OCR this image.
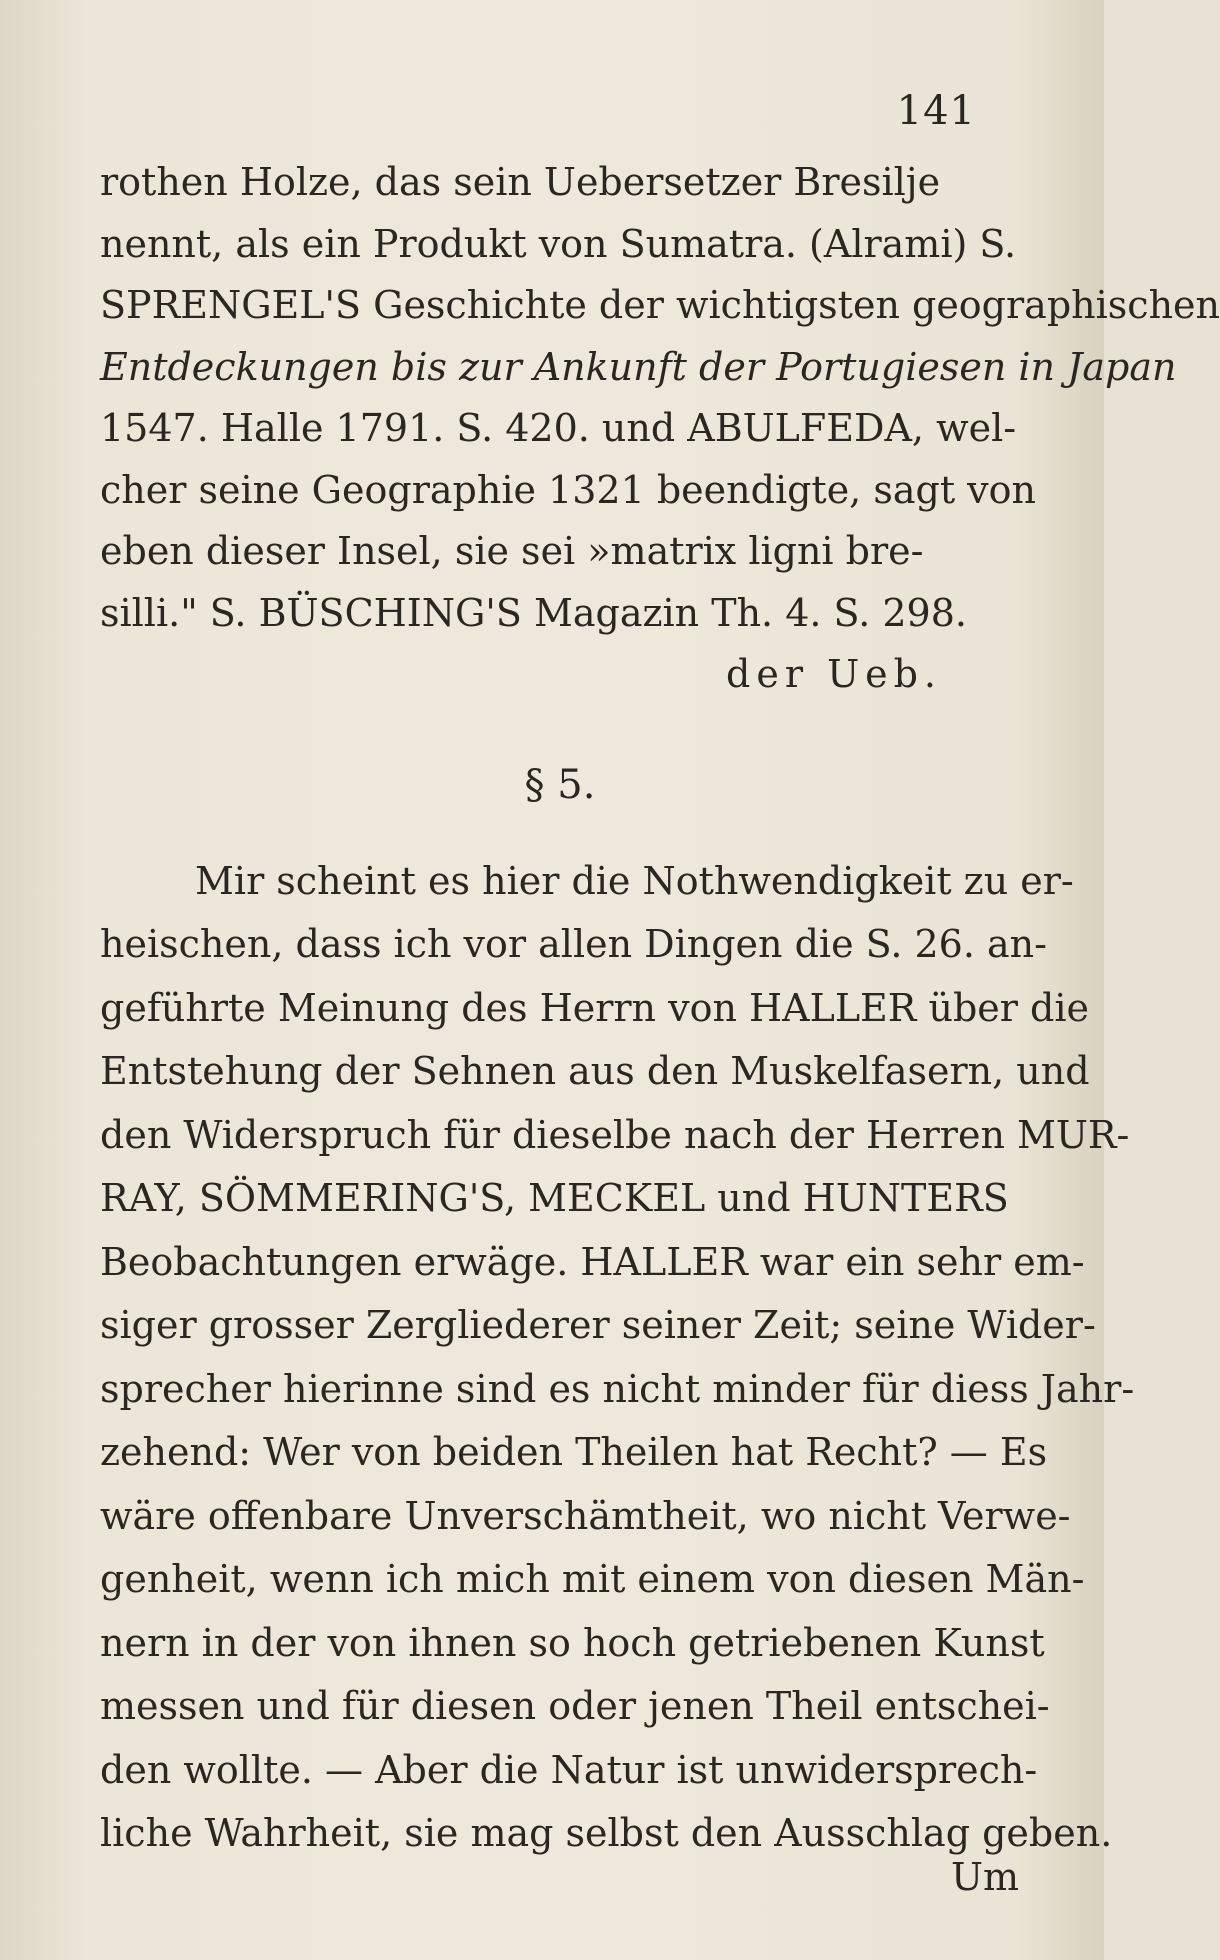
141
rothen Holze, das sein Uebersetzer Bresilje
nennt, als ein Produkt von Sumatra. (Alrami) S.
SPRENGEL'S Geschichte der wichtigsten geographischen
Entdeckungen bis zur Ankunft der Portugiesen in Japan
1547. Halle 1791. S. 420. und ABULFEDA, wel-
cher seine Geographie 1321 beendigte, sagt von
eben dieser Insel, sie sei »matrix ligni bre-
silli." S. BÜSCHING'S Magazin Th. 4. S. 298.
der Ueb.
§ 5.
Mir scheint es hier die Nothwendigkeit zu er-
heischen, dass ich vor allen Dingen die S. 26. an-
geführte Meinung des Herrn von HALLER über die
Entstehung der Sehnen aus den Muskelfasern, und
den Widerspruch für dieselbe nach der Herren MUR-
RAY, SÖMMERING'S, MECKEL und HUNTERS
Beobachtungen erwäge. HALLER war ein sehr em-
siger grosser Zergliederer seiner Zeit; seine Wider-
sprecher hierinne sind es nicht minder für diess Jahr-
zehend: Wer von beiden Theilen hat Recht? — Es
wäre offenbare Unverschämtheit, wo nicht Verwe-
genheit, wenn ich mich mit einem von diesen Män-
nern in der von ihnen so hoch getriebenen Kunst
messen und für diesen oder jenen Theil entschei-
den wollte. — Aber die Natur ist unwidersprech-
liche Wahrheit, sie mag selbst den Ausschlag geben.
Um
